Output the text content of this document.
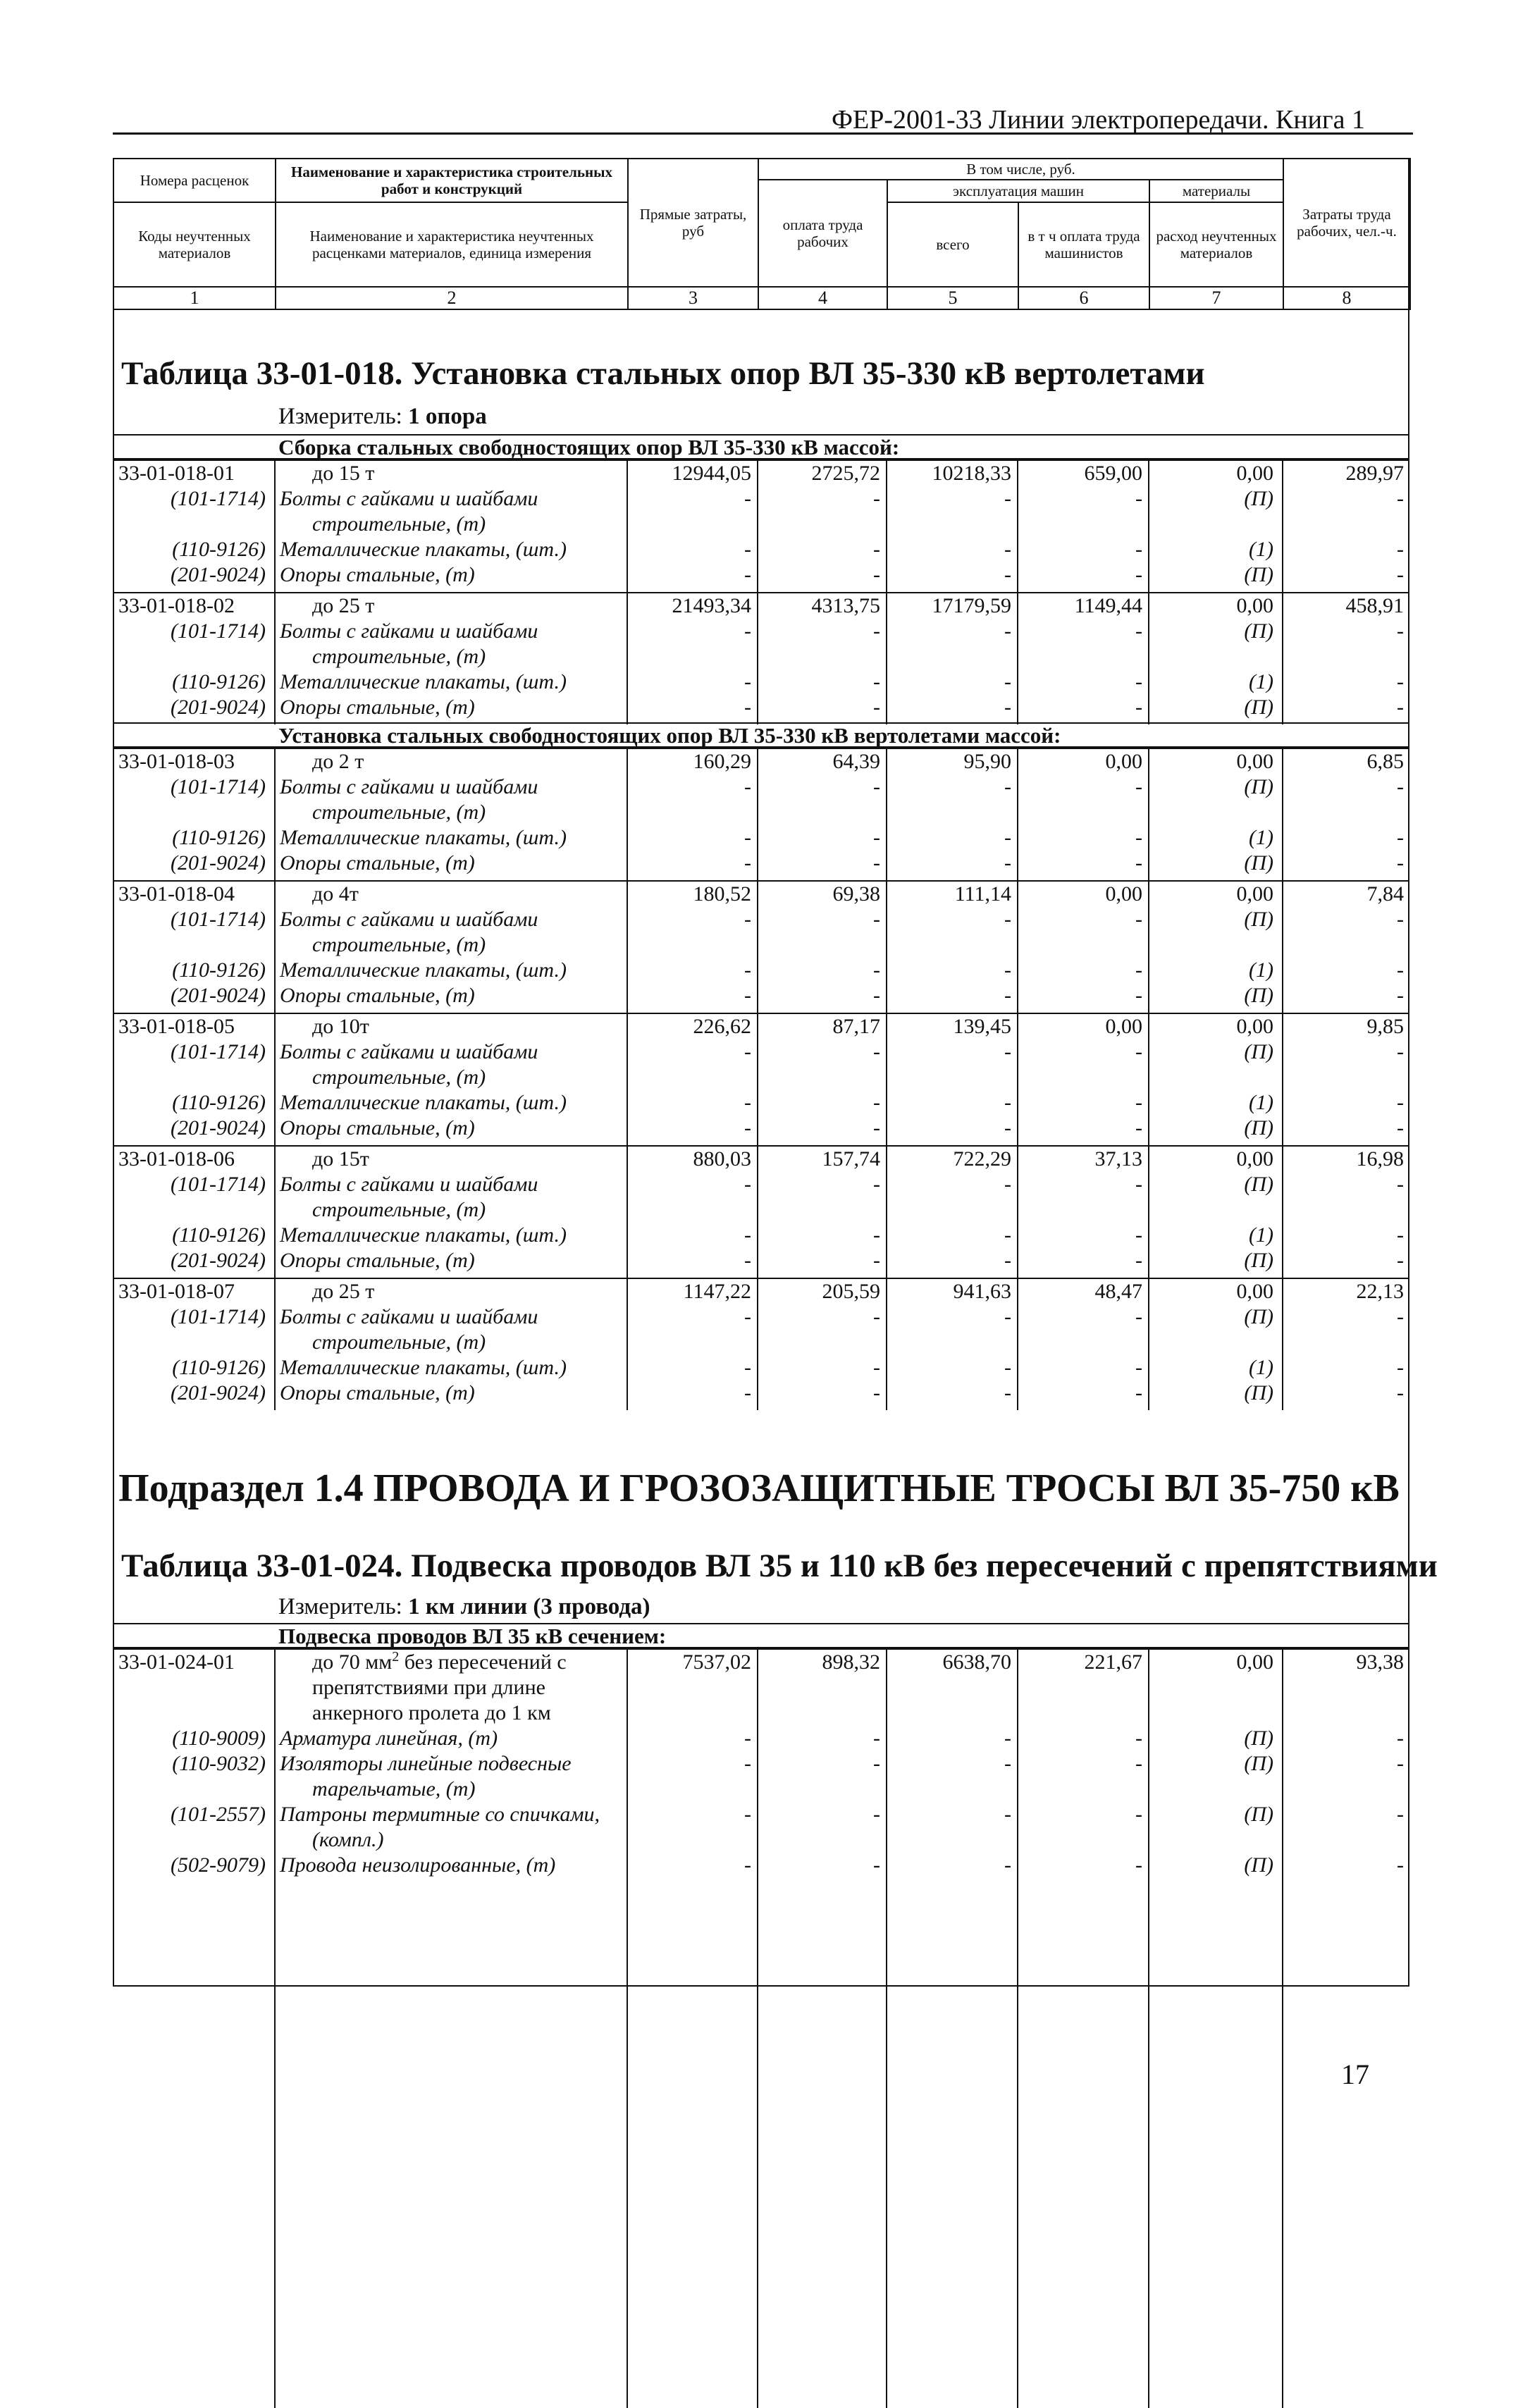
ФЕР-2001-33 Линии электропередачи. Книга 1
Номера расценок	Наименование и характеристика строительных работ и конструкций	Прямые затраты, руб	В том числе, руб.				Затраты труда рабочих, чел.-ч.
			оплата труда рабочих	эксплуатация машин		материалы	
Коды неучтенных материалов	Наименование и характеристика неучтенных расценками материалов, единица измерения			всего	в т ч оплата труда машинистов	расход неучтенных материалов	

1	2	3	4	5	6	7	8
Таблица 33-01-018. Установка стальных опор ВЛ 35-330 кВ вертолетами
Измеритель: 1 опора
Сборка стальных свободностоящих опор ВЛ 35-330 кВ массой:
Установка стальных свободностоящих опор ВЛ 35-330 кВ вертолетами массой:
33-01-018-01	до 15 т	12944,05	2725,72	10218,33	659,00	0,00	289,97
(101-1714)	Болты с гайками и шайбами строительные, (т)	-	-	-	-	(П)	-
(110-9126)	Металлические плакаты, (шт.)	-	-	-	-	(1)	-
(201-9024)	Опоры стальные, (т)	-	-	-	-	(П)	-
33-01-018-02	до 25 т	21493,34	4313,75	17179,59	1149,44	0,00	458,91
(101-1714)	Болты с гайками и шайбами строительные, (т)	-	-	-	-	(П)	-
(110-9126)	Металлические плакаты, (шт.)	-	-	-	-	(1)	-
(201-9024)	Опоры стальные, (т)	-	-	-	-	(П)	-
33-01-018-03	до 2 т	160,29	64,39	95,90	0,00	0,00	6,85
(101-1714)	Болты с гайками и шайбами строительные, (т)	-	-	-	-	(П)	-
(110-9126)	Металлические плакаты, (шт.)	-	-	-	-	(1)	-
(201-9024)	Опоры стальные, (т)	-	-	-	-	(П)	-
33-01-018-04	до 4т	180,52	69,38	111,14	0,00	0,00	7,84
(101-1714)	Болты с гайками и шайбами строительные, (т)	-	-	-	-	(П)	-
(110-9126)	Металлические плакаты, (шт.)	-	-	-	-	(1)	-
(201-9024)	Опоры стальные, (т)	-	-	-	-	(П)	-
33-01-018-05	до 10т	226,62	87,17	139,45	0,00	0,00	9,85
(101-1714)	Болты с гайками и шайбами строительные, (т)	-	-	-	-	(П)	-
(110-9126)	Металлические плакаты, (шт.)	-	-	-	-	(1)	-
(201-9024)	Опоры стальные, (т)	-	-	-	-	(П)	-
33-01-018-06	до 15т	880,03	157,74	722,29	37,13	0,00	16,98
(101-1714)	Болты с гайками и шайбами строительные, (т)	-	-	-	-	(П)	-
(110-9126)	Металлические плакаты, (шт.)	-	-	-	-	(1)	-
(201-9024)	Опоры стальные, (т)	-	-	-	-	(П)	-
33-01-018-07	до 25 т	1147,22	205,59	941,63	48,47	0,00	22,13
(101-1714)	Болты с гайками и шайбами строительные, (т)	-	-	-	-	(П)	-
(110-9126)	Металлические плакаты, (шт.)	-	-	-	-	(1)	-
(201-9024)	Опоры стальные, (т)	-	-	-	-	(П)	-
Подраздел 1.4 ПРОВОДА И ГРОЗОЗАЩИТНЫЕ ТРОСЫ ВЛ 35-750 кВ
Таблица 33-01-024. Подвеска проводов ВЛ 35 и 110 кВ без пересечений с препятствиями
Измеритель: 1 км линии (3 провода)
Подвеска проводов ВЛ 35 кВ сечением:
33-01-024-01	до 70 $мм^2$ без пересечений с препятствиями при длине анкерного пролета до 1 км	7537,02	898,32	6638,70	221,67	0,00	93,38
(110-9009)	Арматура линейная, (т)	-	-	-	-	(П)	-
(110-9032)	Изоляторы линейные подвесные тарельчатые, (т)	-	-	-	-	(П)	-
(101-2557)	Патроны термитные со спичками, (компл.)	-	-	-	-	(П)	-
(502-9079)	Провода неизолированные, (т)	-	-	-	-	(П)	-
17
